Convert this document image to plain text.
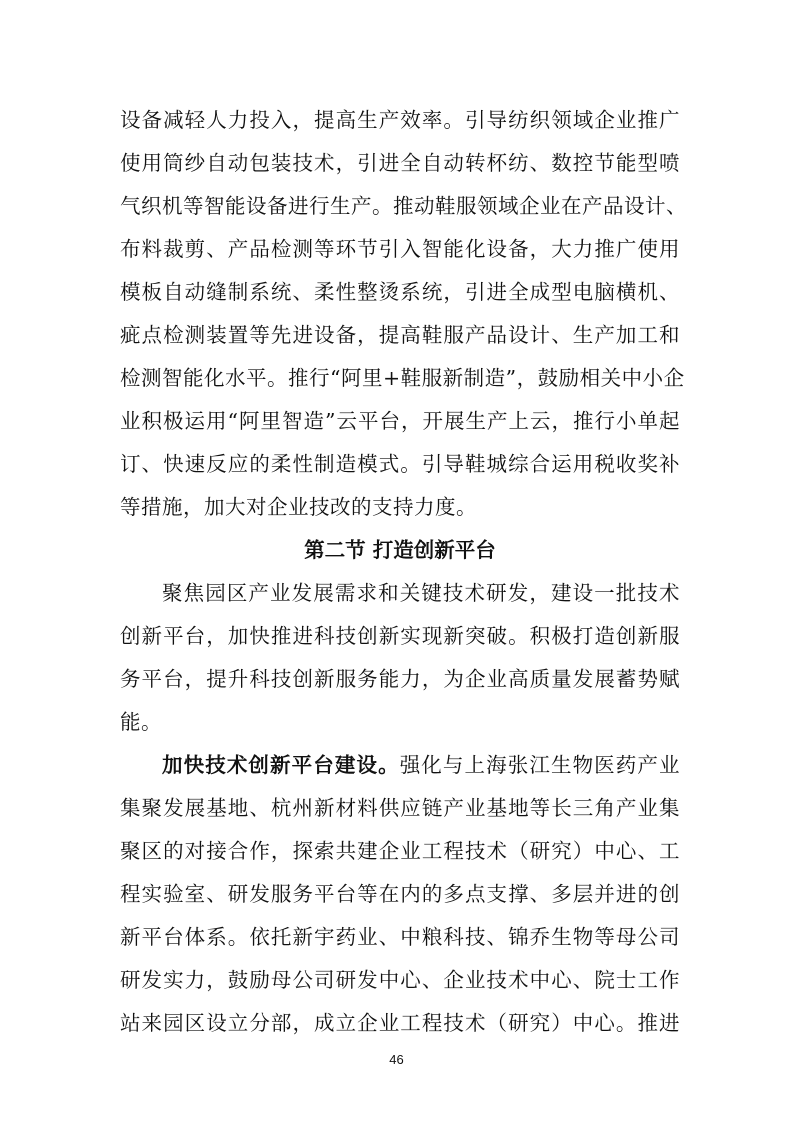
设备减轻人力投入，提高生产效率。引导纺织领域企业推广
使用筒纱自动包装技术，引进全自动转杯纺、数控节能型喷
气织机等智能设备进行生产。推动鞋服领域企业在产品设计、
布料裁剪、产品检测等环节引入智能化设备，大力推广使用
模板自动缝制系统、柔性整烫系统，引进全成型电脑横机、
疵点检测装置等先进设备，提高鞋服产品设计、生产加工和
检测智能化水平。推行“阿里+鞋服新制造”，鼓励相关中小企
业积极运用“阿里智造”云平台，开展生产上云，推行小单起
订、快速反应的柔性制造模式。引导鞋城综合运用税收奖补
等措施，加大对企业技改的支持力度。
第二节 打造创新平台
聚焦园区产业发展需求和关键技术研发，建设一批技术
创新平台，加快推进科技创新实现新突破。积极打造创新服
务平台，提升科技创新服务能力，为企业高质量发展蓄势赋
能。
加快技术创新平台建设。强化与上海张江生物医药产业
集聚发展基地、杭州新材料供应链产业基地等长三角产业集
聚区的对接合作，探索共建企业工程技术（研究）中心、工
程实验室、研发服务平台等在内的多点支撑、多层并进的创
新平台体系。依托新宇药业、中粮科技、锦乔生物等母公司
研发实力，鼓励母公司研发中心、企业技术中心、院士工作
站来园区设立分部，成立企业工程技术（研究）中心。推进
46
